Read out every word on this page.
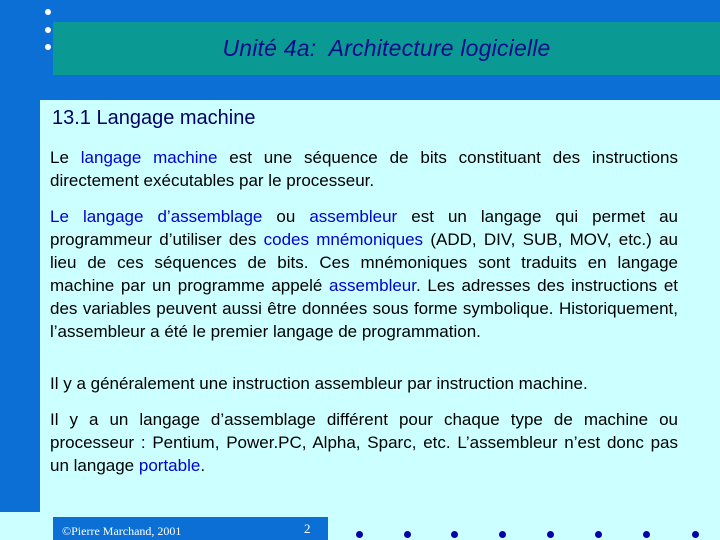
Unité 4a:  Architecture logicielle
13.1 Langage machine
Le langage machine est une séquence de bits constituant des instructions directement exécutables par le processeur.
Le langage d’assemblage ou assembleur est un langage qui permet au programmeur d’utiliser des codes mnémoniques (ADD, DIV, SUB, MOV, etc.) au lieu de ces séquences de bits. Ces mnémoniques sont traduits en langage machine par un programme appelé assembleur. Les adresses des instructions et des variables peuvent aussi être données sous forme symbolique. Historiquement, l’assembleur a été le premier langage de programmation.
Il y a généralement une instruction assembleur par instruction machine.
Il y a un langage d’assemblage différent pour chaque type de machine ou processeur : Pentium, Power.PC, Alpha, Sparc, etc. L’assembleur n’est donc pas un langage portable.
©Pierre Marchand, 2001	2
